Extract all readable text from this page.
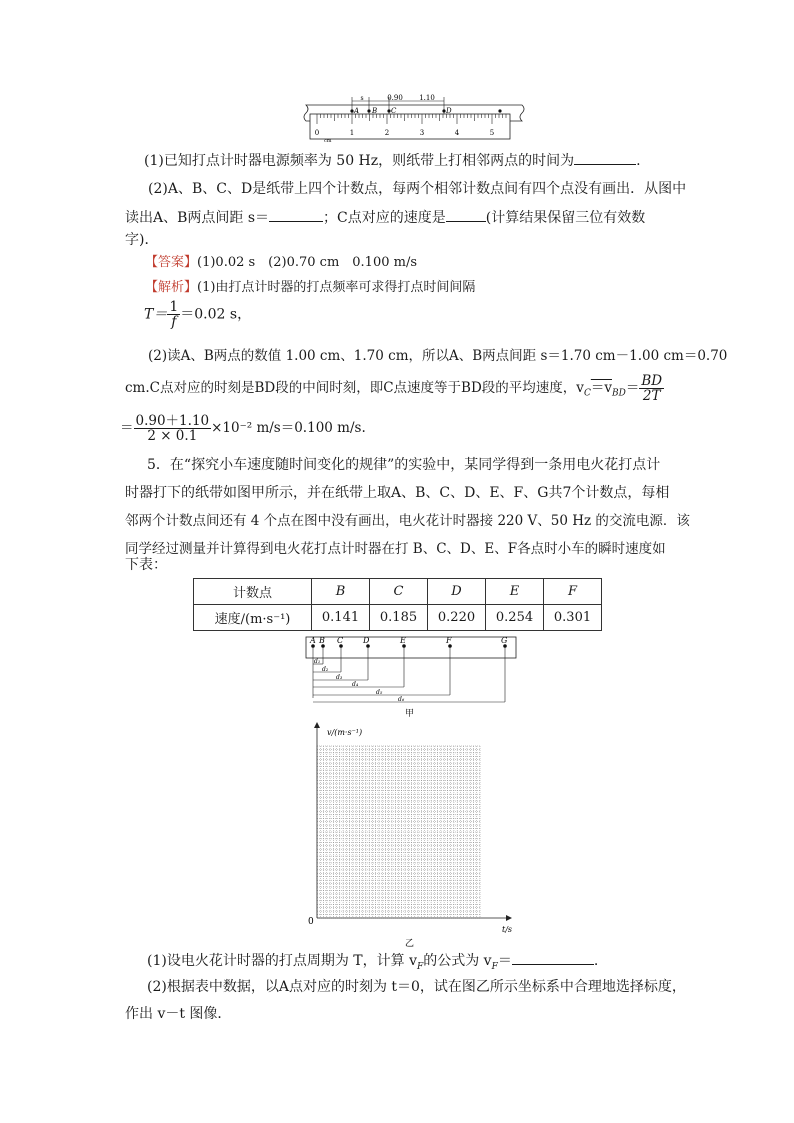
s	0.90 1.10
A B C	D
0	1	2	3	4	5
cm
(1)已知打点计时器电源频率为 50 Hz，则纸带上打相邻两点的时间为	.
(2)A、B、C、D是纸带上四个计数点，每两个相邻计数点间有四个点没有画出．从图中
读出A、B两点间距 s＝	；C点对应的速度是	(计算结果保留三位有效数
字)．
【答案】(1)0.02 s　(2)0.70 cm　0.100 m/s
【解析】(1)由打点计时器的打点频率可求得打点时间间隔
$T= \frac{1}{f} =0.02$ s，
(2)读A、B两点的数值 1.00 cm、1.70 cm，所以A、B两点间距 s＝1.70 cm－1.00 cm＝0.70
cm.C点对应的时刻是BD段的中间时刻，即C点速度等于BD段的平均速度，$v_C=v_{BD}= \frac{BD}{2T}$
＝ $\frac{0.90+1.10}{2 \times 0.1} \times 10^{-2}$ m/s＝0.100 m/s.
5．在“探究小车速度随时间变化的规律”的实验中，某同学得到一条用电火花打点计
时器打下的纸带如图甲所示，并在纸带上取A、B、C、D、E、F、G共7个计数点，每相
邻两个计数点间还有 4 个点在图中没有画出，电火花计时器接 220 V、50 Hz 的交流电源．该
同学经过测量并计算得到电火花打点计时器在打 B、C、D、E、F各点时小车的瞬时速度如
下表：
计数点	B	C	D	E	F
速度/(m·s⁻¹)	0.141	0.185	0.220	0.254	0.301
A B C D	E	F	G
d₁
d₂
d₃
d₄
d₅
d₆
甲
v/(m·s⁻¹)
t/s
0
乙
(1)设电火花计时器的打点周期为 T，计算 $v_F$的公式为 $v_F=$	.
(2)根据表中数据，以A点对应的时刻为 t＝0，试在图乙所示坐标系中合理地选择标度，
作出 v－t 图像．
